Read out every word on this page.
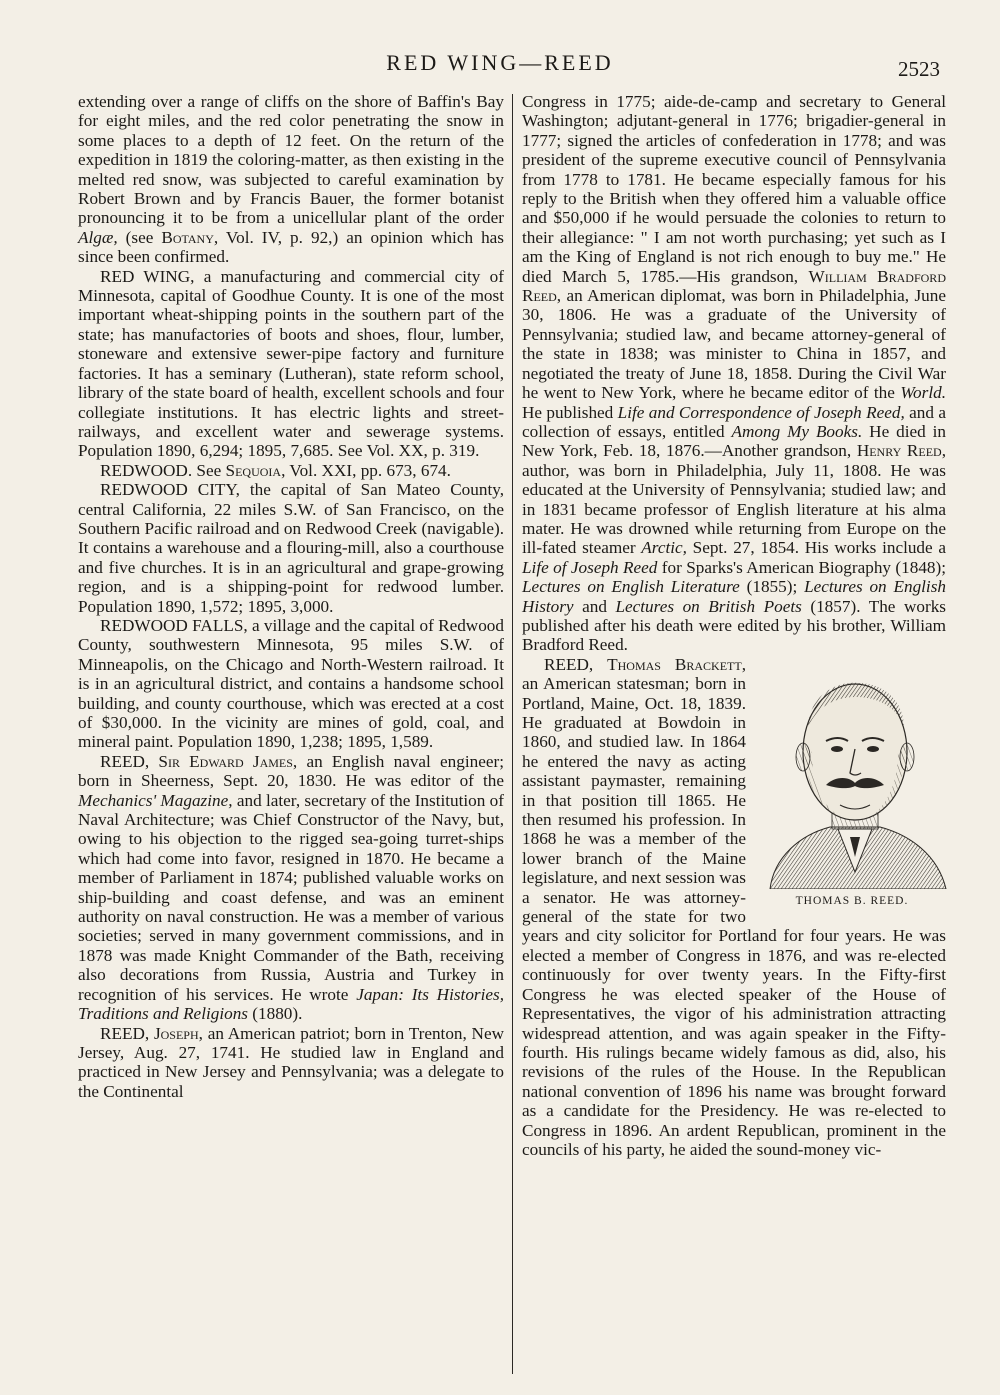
RED WING—REED	2523

extending over a range of cliffs on the shore of Baffin's Bay for eight miles, and the red color penetrating the snow in some places to a depth of 12 feet. On the return of the expedition in 1819 the coloring-matter, as then existing in the melted red snow, was subjected to careful examination by Robert Brown and by Francis Bauer, the former botanist pronouncing it to be from a unicellular plant of the order Algæ, (see Botany, Vol. IV, p. 92,) an opinion which has since been confirmed.

RED WING, a manufacturing and commercial city of Minnesota, capital of Goodhue County. It is one of the most important wheat-shipping points in the southern part of the state; has manufactories of boots and shoes, flour, lumber, stoneware and extensive sewer-pipe factory and furniture factories. It has a seminary (Lutheran), state reform school, library of the state board of health, excellent schools and four collegiate institutions. It has electric lights and street-railways, and excellent water and sewerage systems. Population 1890, 6,294; 1895, 7,685. See Vol. XX, p. 319.

REDWOOD. See Sequoia, Vol. XXI, pp. 673, 674.

REDWOOD CITY, the capital of San Mateo County, central California, 22 miles S.W. of San Francisco, on the Southern Pacific railroad and on Redwood Creek (navigable). It contains a warehouse and a flouring-mill, also a courthouse and five churches. It is in an agricultural and grape-growing region, and is a shipping-point for redwood lumber. Population 1890, 1,572; 1895, 3,000.

REDWOOD FALLS, a village and the capital of Redwood County, southwestern Minnesota, 95 miles S.W. of Minneapolis, on the Chicago and North-Western railroad. It is in an agricultural district, and contains a handsome school building, and county courthouse, which was erected at a cost of $30,000. In the vicinity are mines of gold, coal, and mineral paint. Population 1890, 1,238; 1895, 1,589.

REED, Sir Edward James, an English naval engineer; born in Sheerness, Sept. 20, 1830. He was editor of the Mechanics' Magazine, and later, secretary of the Institution of Naval Architecture; was Chief Constructor of the Navy, but, owing to his objection to the rigged sea-going turret-ships which had come into favor, resigned in 1870. He became a member of Parliament in 1874; published valuable works on ship-building and coast defense, and was an eminent authority on naval construction. He was a member of various societies; served in many government commissions, and in 1878 was made Knight Commander of the Bath, receiving also decorations from Russia, Austria and Turkey in recognition of his services. He wrote Japan: Its Histories, Traditions and Religions (1880).

REED, Joseph, an American patriot; born in Trenton, New Jersey, Aug. 27, 1741. He studied law in England and practiced in New Jersey and Pennsylvania; was a delegate to the Continental

Congress in 1775; aide-de-camp and secretary to General Washington; adjutant-general in 1776; brigadier-general in 1777; signed the articles of confederation in 1778; and was president of the supreme executive council of Pennsylvania from 1778 to 1781. He became especially famous for his reply to the British when they offered him a valuable office and $50,000 if he would persuade the colonies to return to their allegiance: " I am not worth purchasing; yet such as I am the King of England is not rich enough to buy me." He died March 5, 1785.—His grandson, William Bradford Reed, an American diplomat, was born in Philadelphia, June 30, 1806. He was a graduate of the University of Pennsylvania; studied law, and became attorney-general of the state in 1838; was minister to China in 1857, and negotiated the treaty of June 18, 1858. During the Civil War he went to New York, where he became editor of the World. He published Life and Correspondence of Joseph Reed, and a collection of essays, entitled Among My Books. He died in New York, Feb. 18, 1876.—Another grandson, Henry Reed, author, was born in Philadelphia, July 11, 1808. He was educated at the University of Pennsylvania; studied law; and in 1831 became professor of English literature at his alma mater. He was drowned while returning from Europe on the ill-fated steamer Arctic, Sept. 27, 1854. His works include a Life of Joseph Reed for Sparks's American Biography (1848); Lectures on English Literature (1855); Lectures on English History and Lectures on British Poets (1857). The works published after his death were edited by his brother, William Bradford Reed.

THOMAS B. REED.
REED, Thomas Brackett, an American statesman; born in Portland, Maine, Oct. 18, 1839. He graduated at Bowdoin in 1860, and studied law. In 1864 he entered the navy as acting assistant paymaster, remaining in that position till 1865. He then resumed his profession. In 1868 he was a member of the lower branch of the Maine legislature, and next session was a senator. He was attorney-general of the state for two years and city solicitor for Portland for four years. He was elected a member of Congress in 1876, and was re-elected continuously for over twenty years. In the Fifty-first Congress he was elected speaker of the House of Representatives, the vigor of his administration attracting widespread attention, and was again speaker in the Fifty-fourth. His rulings became widely famous as did, also, his revisions of the rules of the House. In the Republican national convention of 1896 his name was brought forward as a candidate for the Presidency. He was re-elected to Congress in 1896. An ardent Republican, prominent in the councils of his party, he aided the sound-money vic-
